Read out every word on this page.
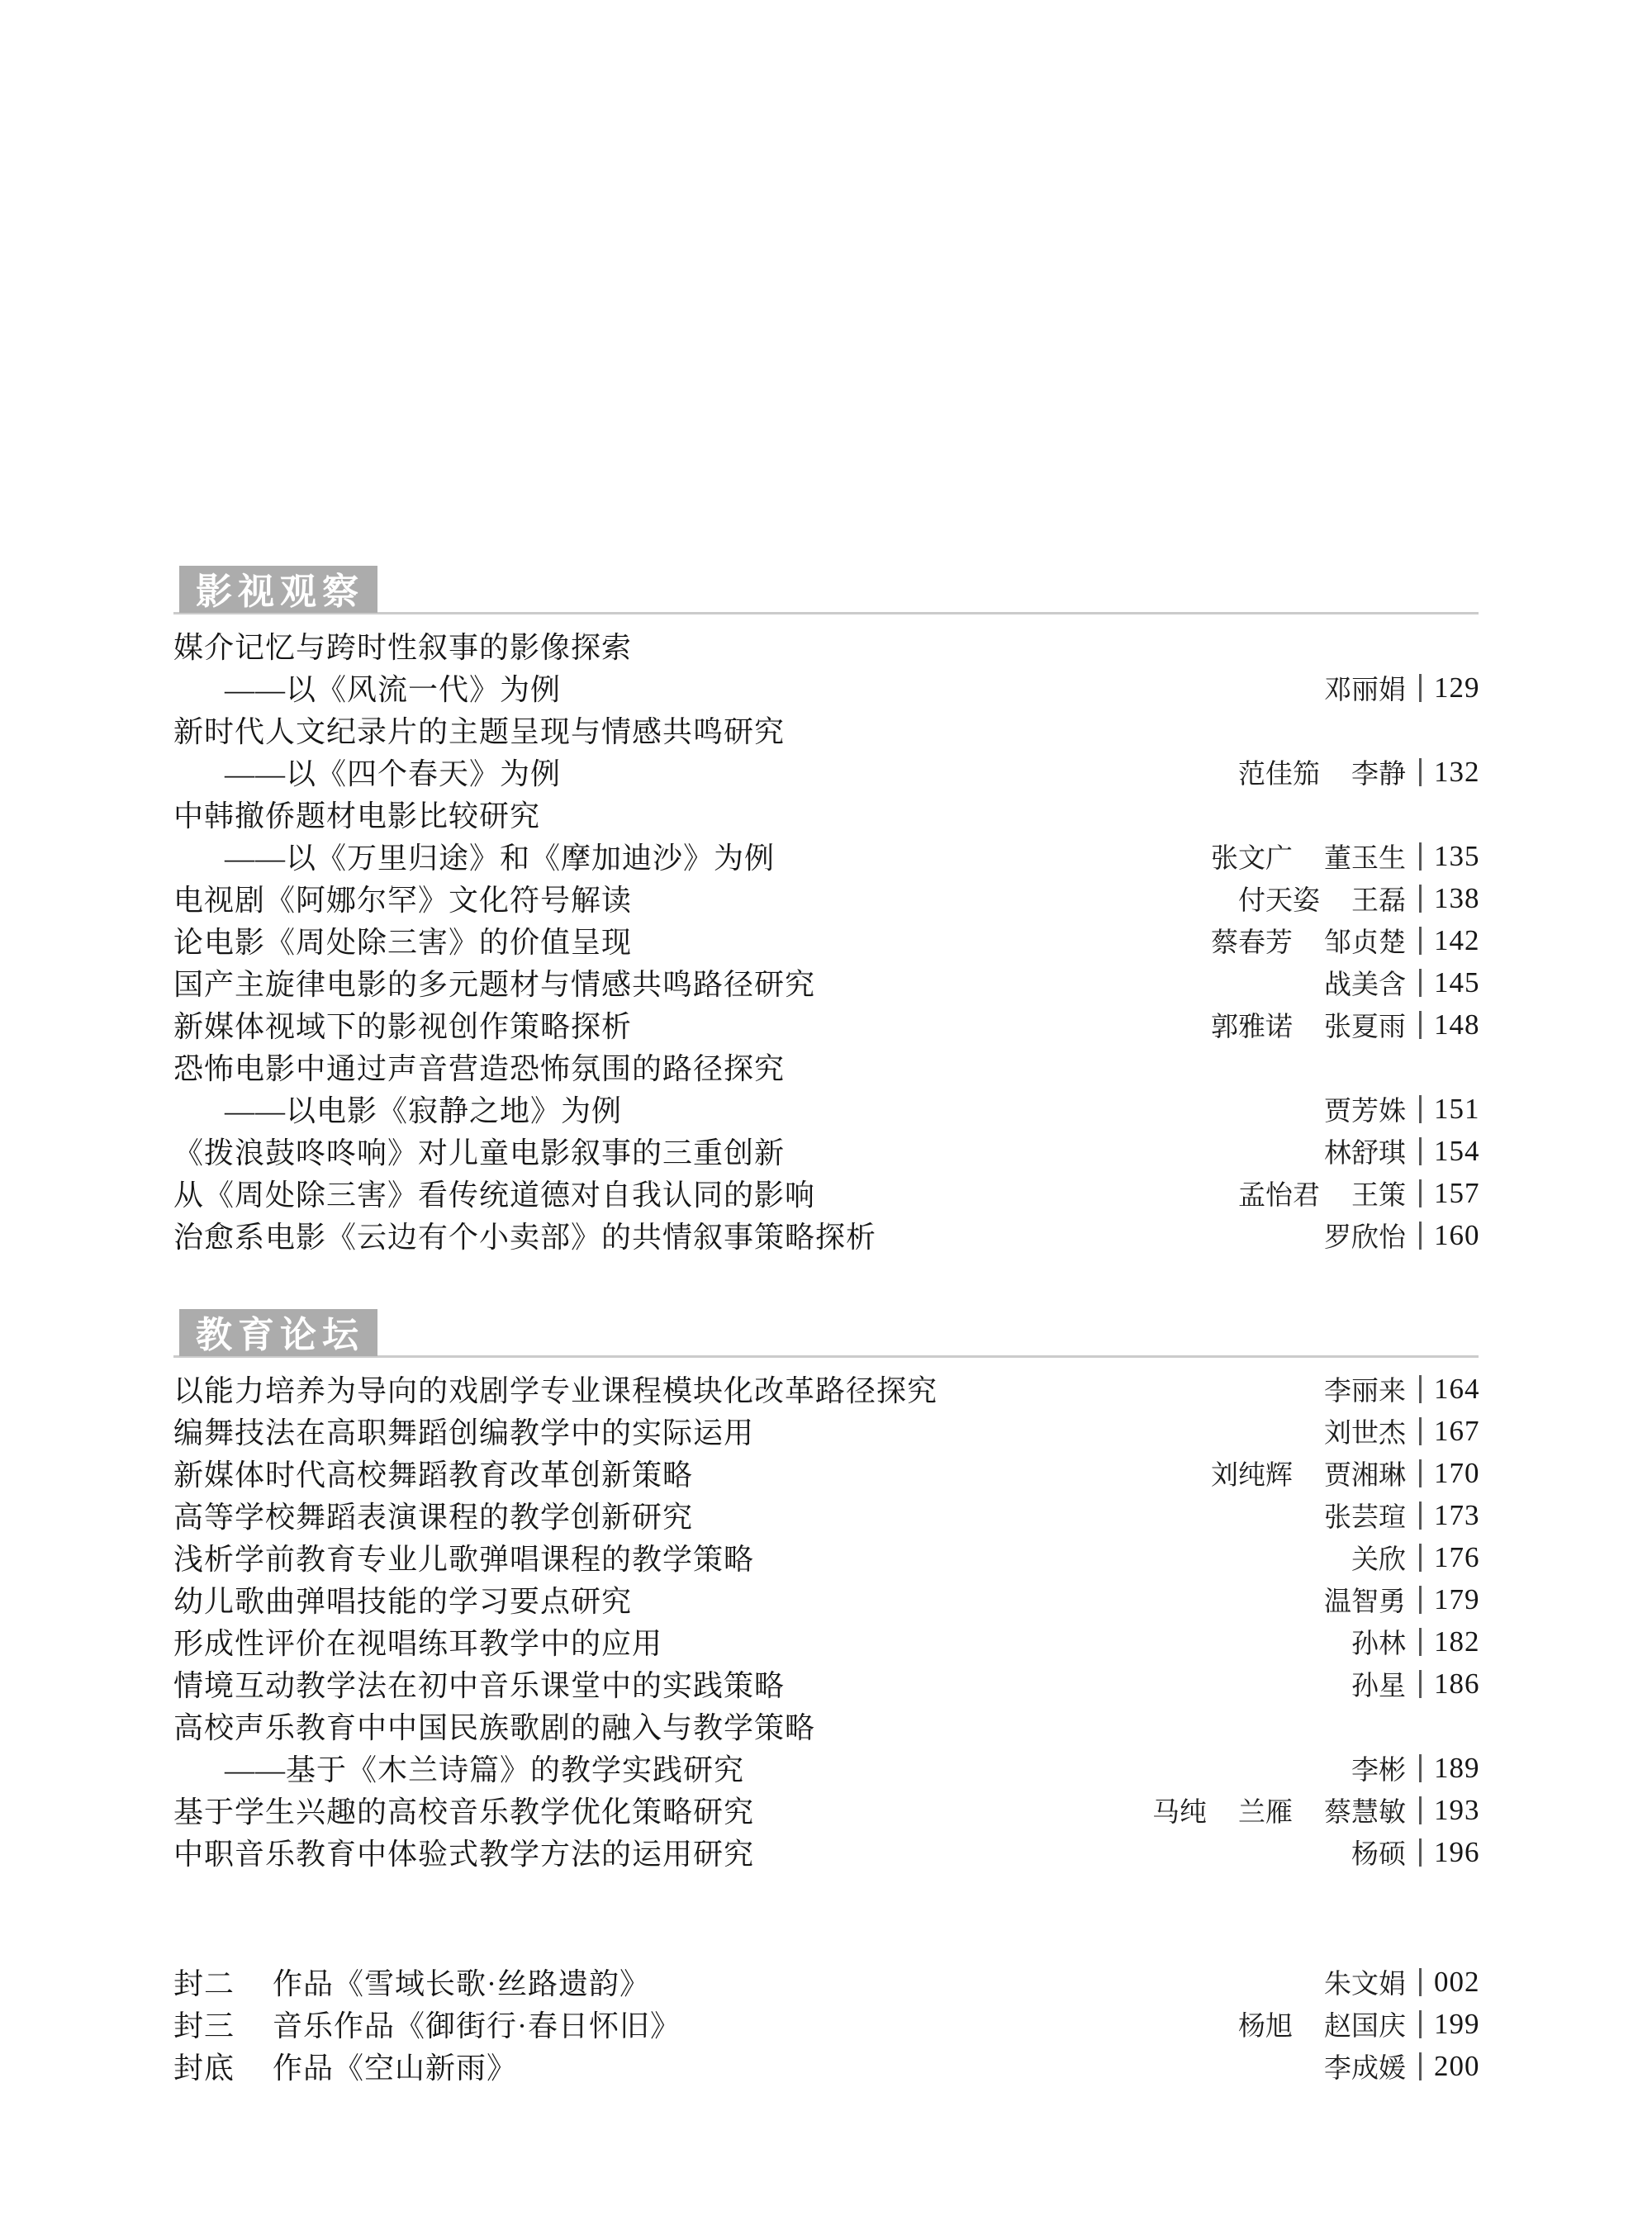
影视观察
媒介记忆与跨时性叙事的影像探索
——以《风流一代》为例	邓丽娟 129
新时代人文纪录片的主题呈现与情感共鸣研究
——以《四个春天》为例	范佳笳 李静 132
中韩撤侨题材电影比较研究
——以《万里归途》和《摩加迪沙》为例	张文广 董玉生 135
电视剧《阿娜尔罕》文化符号解读	付天姿 王磊 138
论电影《周处除三害》的价值呈现	蔡春芳 邹贞楚 142
国产主旋律电影的多元题材与情感共鸣路径研究	战美含 145
新媒体视域下的影视创作策略探析	郭雅诺 张夏雨 148
恐怖电影中通过声音营造恐怖氛围的路径探究
——以电影《寂静之地》为例	贾芳姝 151
《拨浪鼓咚咚响》对儿童电影叙事的三重创新	林舒琪 154
从《周处除三害》看传统道德对自我认同的影响	孟怡君 王策 157
治愈系电影《云边有个小卖部》的共情叙事策略探析	罗欣怡 160
教育论坛
以能力培养为导向的戏剧学专业课程模块化改革路径探究	李丽来 164
编舞技法在高职舞蹈创编教学中的实际运用	刘世杰 167
新媒体时代高校舞蹈教育改革创新策略	刘纯辉 贾湘琳 170
高等学校舞蹈表演课程的教学创新研究	张芸瑄 173
浅析学前教育专业儿歌弹唱课程的教学策略	关欣 176
幼儿歌曲弹唱技能的学习要点研究	温智勇 179
形成性评价在视唱练耳教学中的应用	孙林 182
情境互动教学法在初中音乐课堂中的实践策略	孙星 186
高校声乐教育中中国民族歌剧的融入与教学策略
——基于《木兰诗篇》的教学实践研究	李彬 189
基于学生兴趣的高校音乐教学优化策略研究	马纯 兰雁 蔡慧敏 193
中职音乐教育中体验式教学方法的运用研究	杨硕 196
封二 作品《雪域长歌·丝路遗韵》	朱文娟 002
封三 音乐作品《御街行·春日怀旧》	杨旭 赵国庆 199
封底 作品《空山新雨》	李成媛 200
